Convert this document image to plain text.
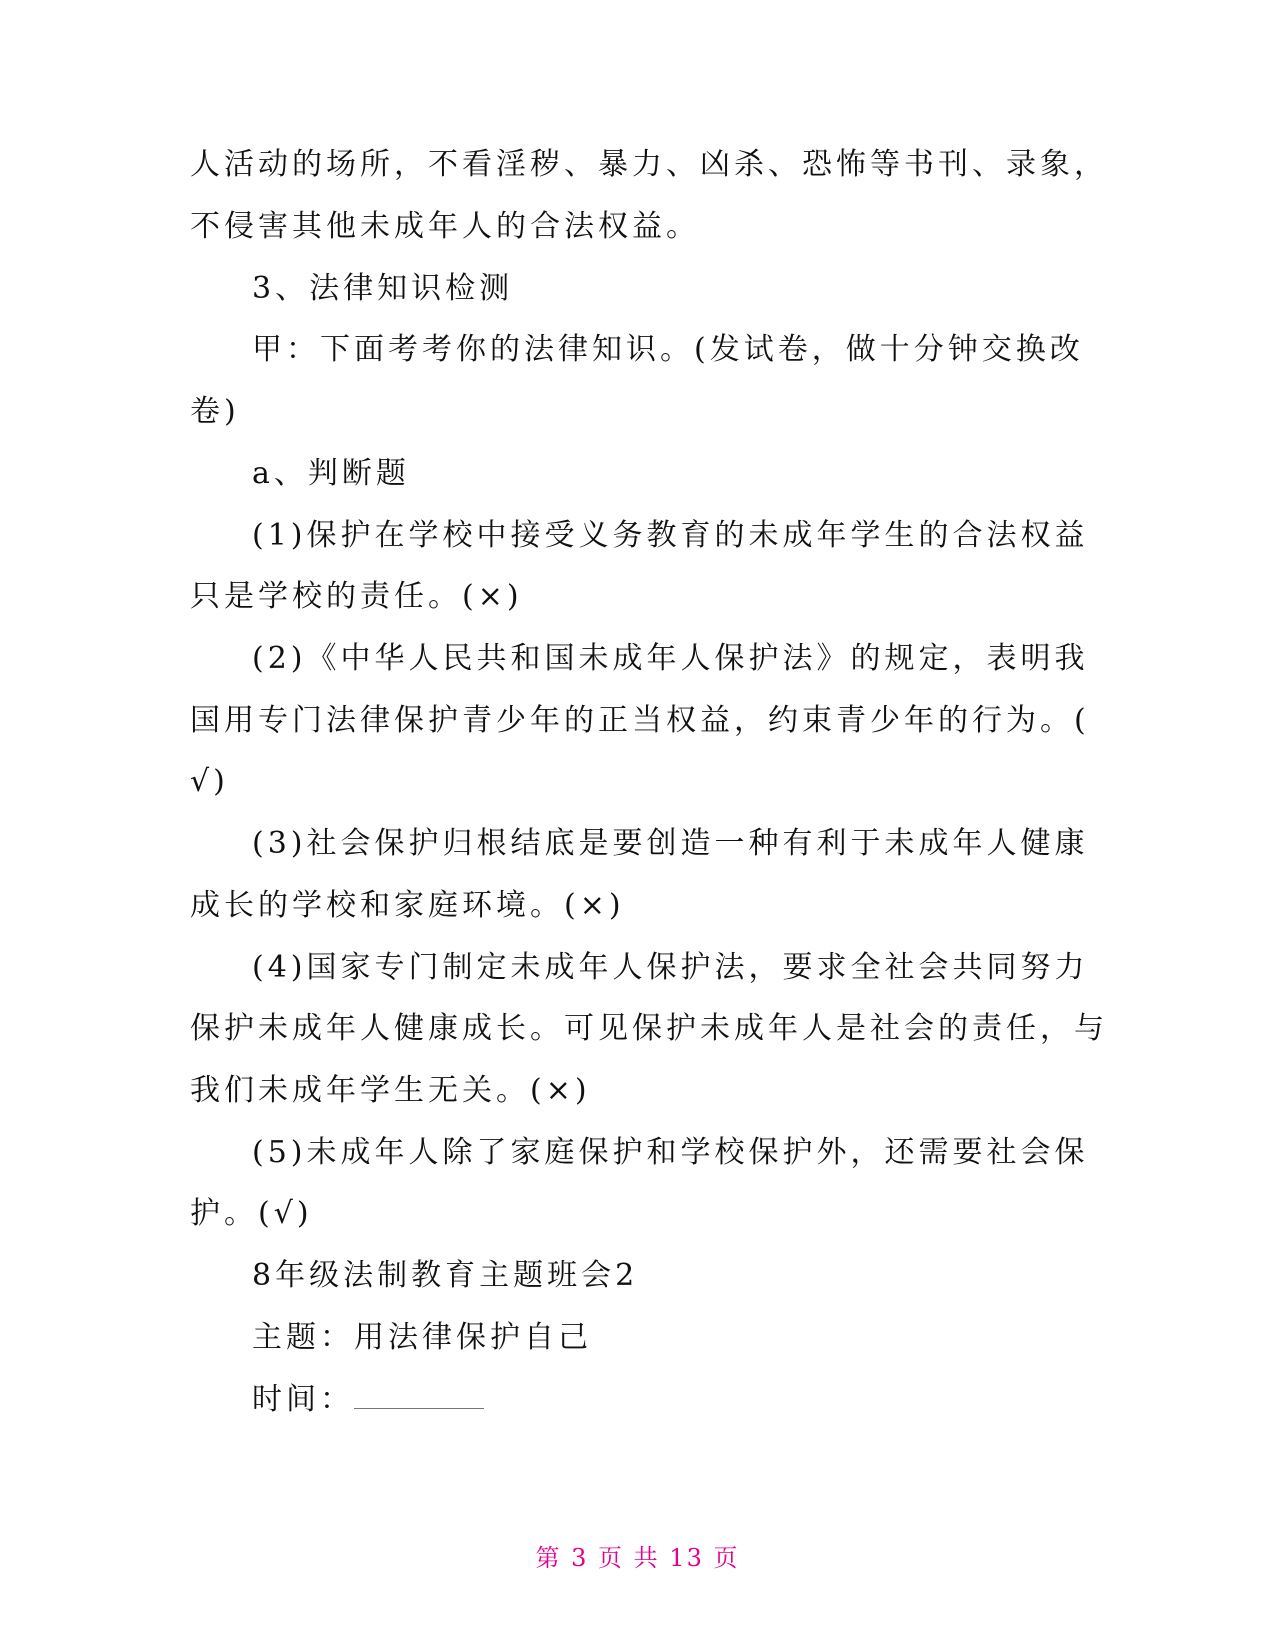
人活动的场所，不看淫秽、暴力、凶杀、恐怖等书刊、录象，
不侵害其他未成年人的合法权益。
3、法律知识检测
甲：下面考考你的法律知识。(发试卷，做十分钟交换改
卷)
a、判断题
(1)保护在学校中接受义务教育的未成年学生的合法权益
只是学校的责任。(×)
(2)《中华人民共和国未成年人保护法》的规定，表明我
国用专门法律保护青少年的正当权益，约束青少年的行为。(
√)
(3)社会保护归根结底是要创造一种有利于未成年人健康
成长的学校和家庭环境。(×)
(4)国家专门制定未成年人保护法，要求全社会共同努力
保护未成年人健康成长。可见保护未成年人是社会的责任，与
我们未成年学生无关。(×)
(5)未成年人除了家庭保护和学校保护外，还需要社会保
护。(√)
8年级法制教育主题班会2
主题：用法律保护自己
时间：
第 3 页 共 13 页
